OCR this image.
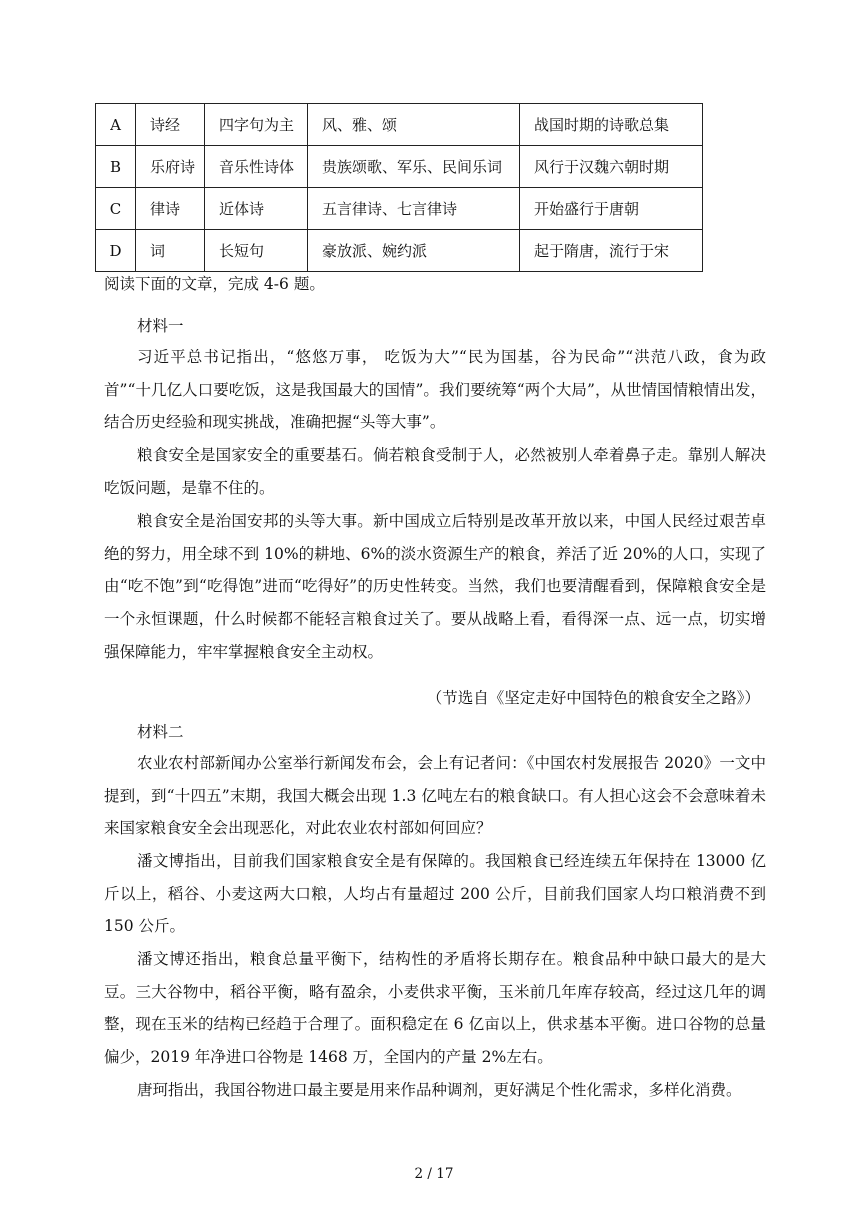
A	诗经	四字句为主	风、雅、颂	战国时期的诗歌总集
B	乐府诗	音乐性诗体	贵族颂歌、军乐、民间乐词	风行于汉魏六朝时期
C	律诗	近体诗	五言律诗、七言律诗	开始盛行于唐朝
D	词	长短句	豪放派、婉约派	起于隋唐，流行于宋
阅读下面的文章，完成 4-6 题。
材料一

习近平总书记指出，“悠悠万事， 吃饭为大”“民为国基，谷为民命”“洪范八政，食为政首”“十几亿人口要吃饭，这是我国最大的国情”。我们要统筹“两个大局”，从世情国情粮情出发，结合历史经验和现实挑战，准确把握“头等大事”。

粮食安全是国家安全的重要基石。倘若粮食受制于人，必然被别人牵着鼻子走。靠别人解决吃饭问题，是靠不住的。

粮食安全是治国安邦的头等大事。新中国成立后特别是改革开放以来，中国人民经过艰苦卓绝的努力，用全球不到 10%的耕地、6%的淡水资源生产的粮食，养活了近 20%的人口，实现了由“吃不饱”到“吃得饱”进而“吃得好”的历史性转变。当然，我们也要清醒看到，保障粮食安全是一个永恒课题，什么时候都不能轻言粮食过关了。要从战略上看，看得深一点、远一点，切实增强保障能力，牢牢掌握粮食安全主动权。

（节选自《坚定走好中国特色的粮食安全之路》）
材料二

农业农村部新闻办公室举行新闻发布会，会上有记者问：《中国农村发展报告 2020》一文中提到，到“十四五”末期，我国大概会出现 1.3 亿吨左右的粮食缺口。有人担心这会不会意味着未来国家粮食安全会出现恶化，对此农业农村部如何回应？

潘文博指出，目前我们国家粮食安全是有保障的。我国粮食已经连续五年保持在 13000 亿斤以上，稻谷、小麦这两大口粮，人均占有量超过 200 公斤，目前我们国家人均口粮消费不到 150 公斤。

潘文博还指出，粮食总量平衡下，结构性的矛盾将长期存在。粮食品种中缺口最大的是大豆。三大谷物中，稻谷平衡，略有盈余，小麦供求平衡，玉米前几年库存较高，经过这几年的调整，现在玉米的结构已经趋于合理了。面积稳定在 6 亿亩以上，供求基本平衡。进口谷物的总量偏少，2019 年净进口谷物是 1468 万，全国内的产量 2%左右。

唐珂指出，我国谷物进口最主要是用来作品种调剂，更好满足个性化需求，多样化消费。

2 / 17
